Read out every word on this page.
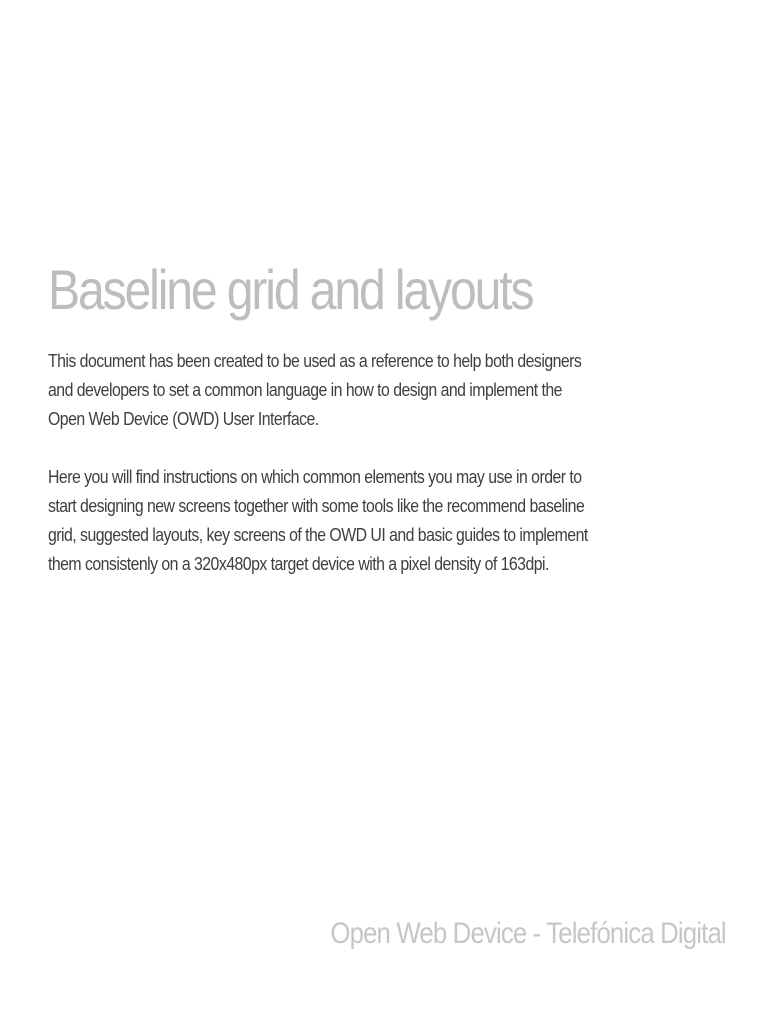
Baseline grid and layouts

This document has been created to be used as a reference to help both designers and developers to set a common language in how to design and implement the Open Web Device (OWD) User Interface.

Here you will find instructions on which common elements you may use in order to start designing new screens together with some tools like the recommend baseline grid, suggested layouts, key screens of the OWD UI and basic guides to implement them consistenly on a 320x480px target device with a pixel density of 163dpi.

Open Web Device - Telefónica Digital
